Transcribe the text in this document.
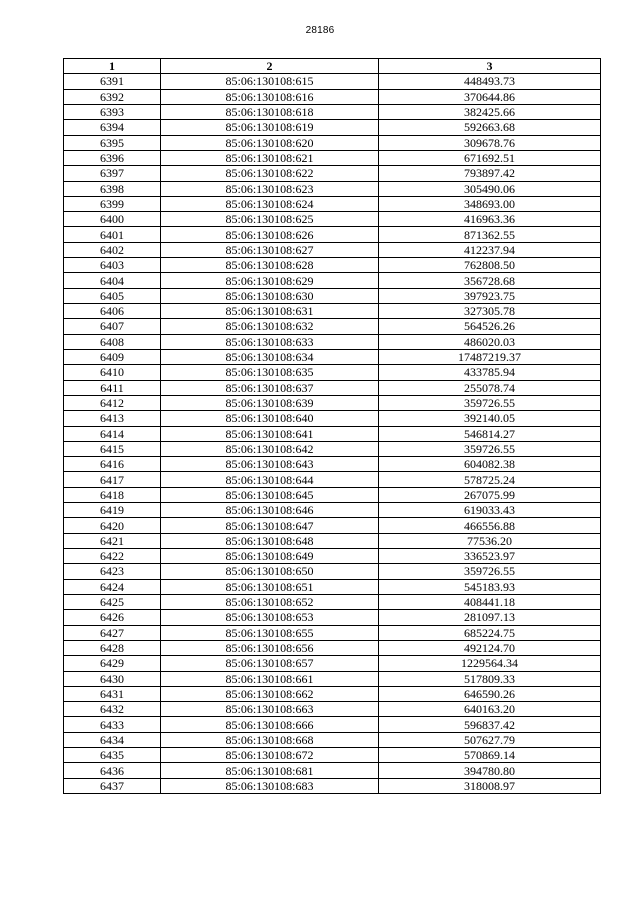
28186
1	2	3
6391	85:06:130108:615	448493.73
6392	85:06:130108:616	370644.86
6393	85:06:130108:618	382425.66
6394	85:06:130108:619	592663.68
6395	85:06:130108:620	309678.76
6396	85:06:130108:621	671692.51
6397	85:06:130108:622	793897.42
6398	85:06:130108:623	305490.06
6399	85:06:130108:624	348693.00
6400	85:06:130108:625	416963.36
6401	85:06:130108:626	871362.55
6402	85:06:130108:627	412237.94
6403	85:06:130108:628	762808.50
6404	85:06:130108:629	356728.68
6405	85:06:130108:630	397923.75
6406	85:06:130108:631	327305.78
6407	85:06:130108:632	564526.26
6408	85:06:130108:633	486020.03
6409	85:06:130108:634	17487219.37
6410	85:06:130108:635	433785.94
6411	85:06:130108:637	255078.74
6412	85:06:130108:639	359726.55
6413	85:06:130108:640	392140.05
6414	85:06:130108:641	546814.27
6415	85:06:130108:642	359726.55
6416	85:06:130108:643	604082.38
6417	85:06:130108:644	578725.24
6418	85:06:130108:645	267075.99
6419	85:06:130108:646	619033.43
6420	85:06:130108:647	466556.88
6421	85:06:130108:648	77536.20
6422	85:06:130108:649	336523.97
6423	85:06:130108:650	359726.55
6424	85:06:130108:651	545183.93
6425	85:06:130108:652	408441.18
6426	85:06:130108:653	281097.13
6427	85:06:130108:655	685224.75
6428	85:06:130108:656	492124.70
6429	85:06:130108:657	1229564.34
6430	85:06:130108:661	517809.33
6431	85:06:130108:662	646590.26
6432	85:06:130108:663	640163.20
6433	85:06:130108:666	596837.42
6434	85:06:130108:668	507627.79
6435	85:06:130108:672	570869.14
6436	85:06:130108:681	394780.80
6437	85:06:130108:683	318008.97
